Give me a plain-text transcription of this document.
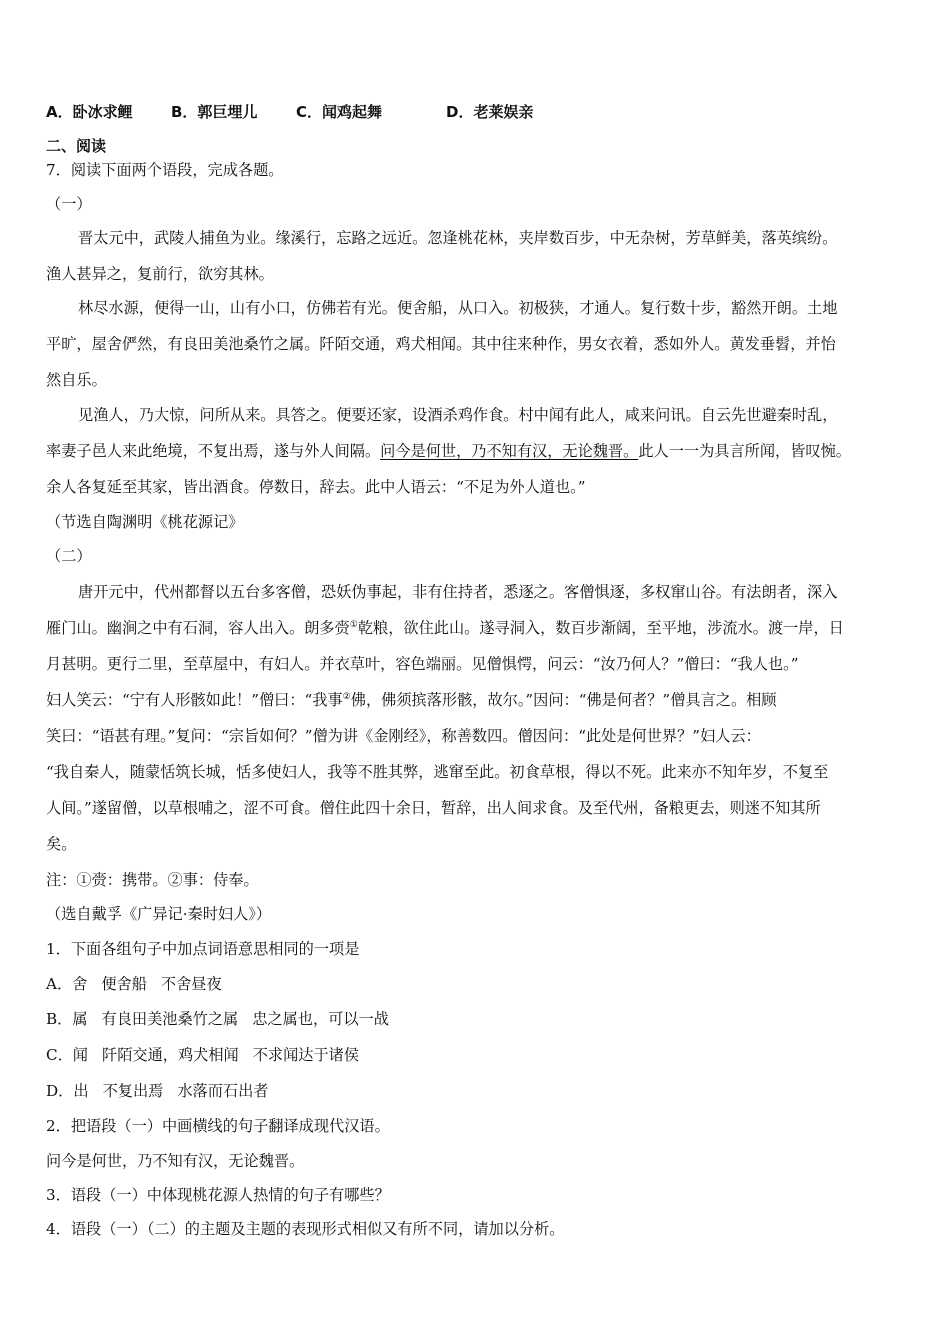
A．卧冰求鲤	B．郭巨埋儿	C．闻鸡起舞	D．老莱娱亲
二、阅读
7．阅读下面两个语段，完成各题。
（一）
晋太元中，武陵人捕鱼为业。缘溪行，忘路之远近。忽逢桃花林，夹岸数百步，中无杂树，芳草鲜美，落英缤纷。
渔人甚异之，复前行，欲穷其林。
林尽水源，便得一山，山有小口，仿佛若有光。便舍船，从口入。初极狭，才通人。复行数十步，豁然开朗。土地
平旷，屋舍俨然，有良田美池桑竹之属。阡陌交通，鸡犬相闻。其中往来种作，男女衣着，悉如外人。黄发垂髫，并怡
然自乐。
见渔人，乃大惊，问所从来。具答之。便要还家，设酒杀鸡作食。村中闻有此人，咸来问讯。自云先世避秦时乱，
率妻子邑人来此绝境，不复出焉，遂与外人间隔。问今是何世，乃不知有汉，无论魏晋。此人一一为具言所闻，皆叹惋。
余人各复延至其家，皆出酒食。停数日，辞去。此中人语云：“不足为外人道也。”
（节选自陶渊明《桃花源记》
（二）
唐开元中，代州都督以五台多客僧，恐妖伪事起，非有住持者，悉逐之。客僧惧逐，多权窜山谷。有法朗者，深入
雁门山。幽涧之中有石洞，容人出入。朗多赍①乾粮，欲住此山。遂寻洞入，数百步渐阔，至平地，涉流水。渡一岸，日
月甚明。更行二里，至草屋中，有妇人。并衣草叶，容色端丽。见僧惧愕，问云：“汝乃何人？”僧曰：“我人也。”
妇人笑云：“宁有人形骸如此！”僧曰：“我事②佛，佛须摈落形骸，故尔。”因问：“佛是何者？”僧具言之。相顾
笑曰：“语甚有理。”复问：“宗旨如何？”僧为讲《金刚经》，称善数四。僧因问：“此处是何世界？”妇人云：
“我自秦人，随蒙恬筑长城，恬多使妇人，我等不胜其弊，逃窜至此。初食草根，得以不死。此来亦不知年岁，不复至
人间。”遂留僧，以草根哺之，涩不可食。僧住此四十余日，暂辞，出人间求食。及至代州，备粮更去，则迷不知其所
矣。
注：①赍：携带。②事：侍奉。
（选自戴孚《广异记·秦时妇人》）
1．下面各组句子中加点词语意思相同的一项是
A．舍 便舍船 不舍昼夜
B．属 有良田美池桑竹之属 忠之属也，可以一战
C．闻 阡陌交通，鸡犬相闻 不求闻达于诸侯
D．出 不复出焉 水落而石出者
2．把语段（一）中画横线的句子翻译成现代汉语。
问今是何世，乃不知有汉，无论魏晋。
3．语段（一）中体现桃花源人热情的句子有哪些？
4．语段（一）（二）的主题及主题的表现形式相似又有所不同，请加以分析。
